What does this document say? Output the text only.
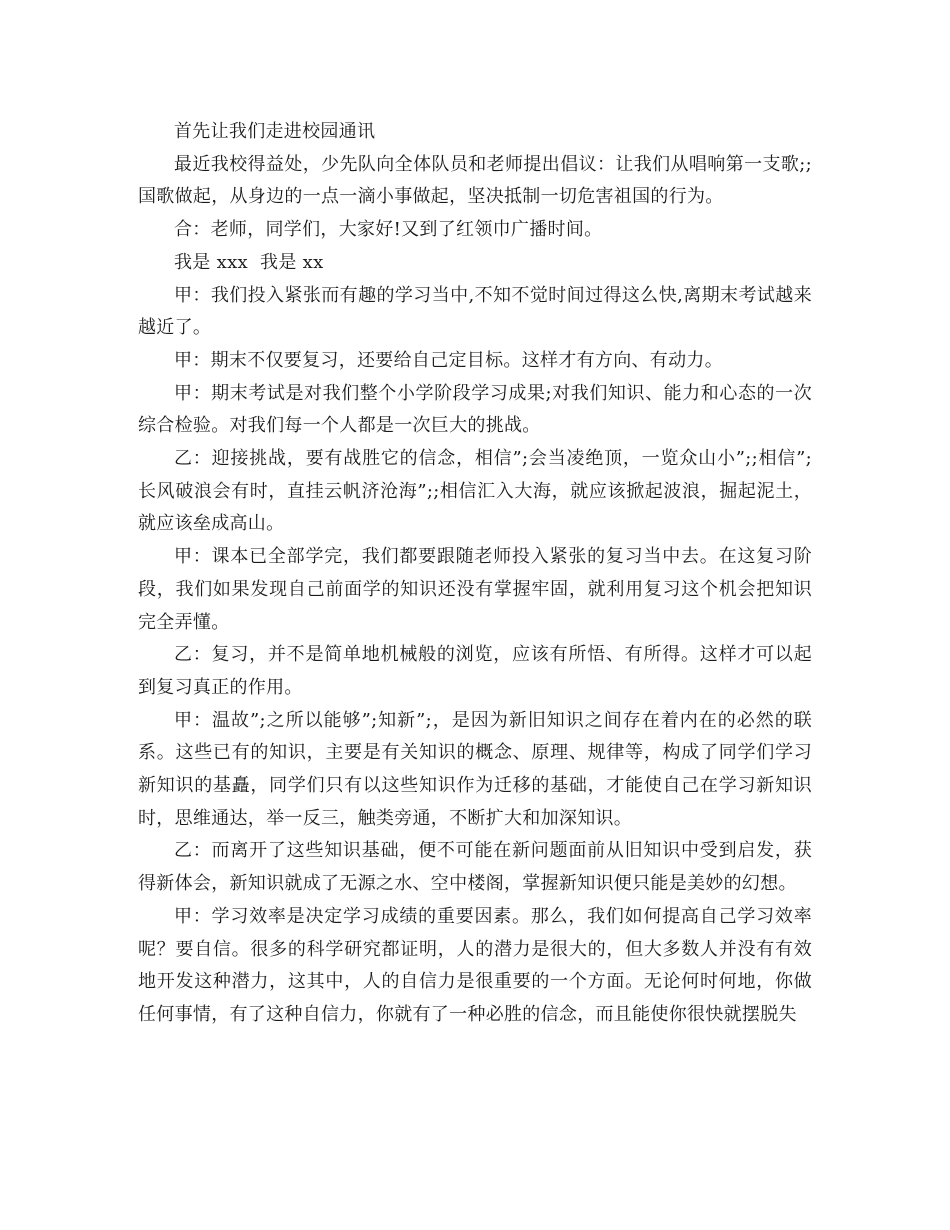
首先让我们走进校园通讯

最近我校得益处，少先队向全体队员和老师提出倡议：让我们从唱响第一支歌;;国歌做起，从身边的一点一滴小事做起，坚决抵制一切危害祖国的行为。

合：老师，同学们，大家好!又到了红领巾广播时间。

我是 xxx  我是 xx

甲：我们投入紧张而有趣的学习当中,不知不觉时间过得这么快,离期末考试越来越近了。

甲：期末不仅要复习，还要给自己定目标。这样才有方向、有动力。

甲：期末考试是对我们整个小学阶段学习成果;对我们知识、能力和心态的一次综合检验。对我们每一个人都是一次巨大的挑战。

乙：迎接挑战，要有战胜它的信念，相信”;会当凌绝顶，一览众山小”;;相信”;长风破浪会有时，直挂云帆济沧海”;;相信汇入大海，就应该掀起波浪，掘起泥土，就应该垒成高山。

甲：课本已全部学完，我们都要跟随老师投入紧张的复习当中去。在这复习阶段，我们如果发现自己前面学的知识还没有掌握牢固，就利用复习这个机会把知识完全弄懂。

乙：复习，并不是简单地机械般的浏览，应该有所悟、有所得。这样才可以起到复习真正的作用。

甲：温故”;之所以能够”;知新”;，是因为新旧知识之间存在着内在的必然的联系。这些已有的知识，主要是有关知识的概念、原理、规律等，构成了同学们学习新知识的基矗，同学们只有以这些知识作为迁移的基础，才能使自己在学习新知识时，思维通达，举一反三，触类旁通，不断扩大和加深知识。

乙：而离开了这些知识基础，便不可能在新问题面前从旧知识中受到启发，获得新体会，新知识就成了无源之水、空中楼阁，掌握新知识便只能是美妙的幻想。

甲：学习效率是决定学习成绩的重要因素。那么，我们如何提高自己学习效率呢？要自信。很多的科学研究都证明，人的潜力是很大的，但大多数人并没有有效地开发这种潜力，这其中，人的自信力是很重要的一个方面。无论何时何地，你做任何事情，有了这种自信力，你就有了一种必胜的信念，而且能使你很快就摆脱失
